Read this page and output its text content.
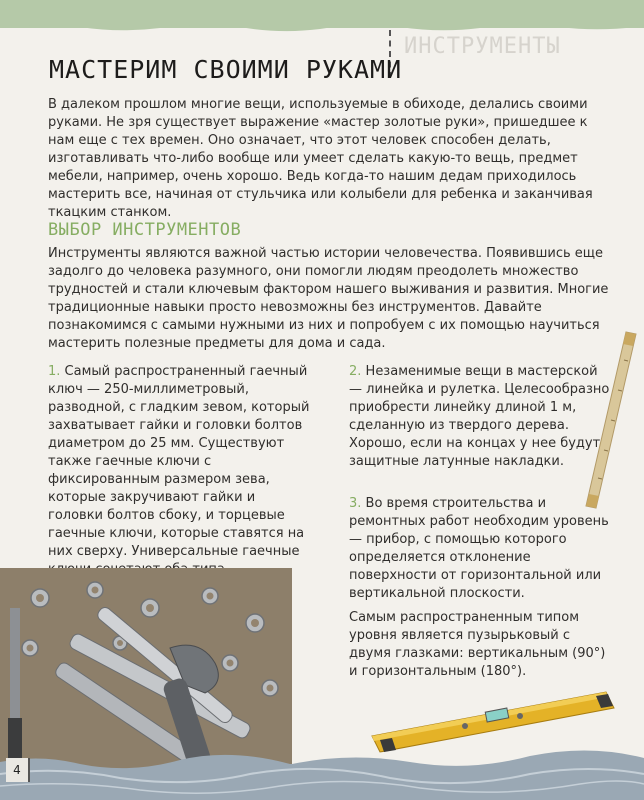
ИНСТРУМЕНТЫ
МАСТЕРИМ СВОИМИ РУКАМИ

В далеком прошлом многие вещи, используемые в обиходе, делались своими руками. Не зря существует выражение «мастер золотые руки», пришедшее к нам еще с тех времен. Оно означает, что этот человек способен делать, изготавливать что-либо вообще или умеет сделать какую-то вещь, предмет мебели, например, очень хорошо. Ведь когда-то нашим дедам приходилось мастерить все, начиная от стульчика или колыбели для ребенка и заканчивая ткацким станком.

ВЫБОР ИНСТРУМЕНТОВ

Инструменты являются важной частью истории человечества. Появившись еще задолго до человека разумного, они помогли людям преодолеть множество трудностей и стали ключевым фактором нашего выживания и развития. Многие традиционные навыки просто невозможны без инструментов. Давайте познакомимся с самыми нужными из них и попробуем с их помощью научиться мастерить полезные предметы для дома и сада.

1. Самый распространенный гаечный ключ — 250-миллиметровый, разводной, с гладким зевом, который захватывает гайки и головки болтов диаметром до 25 мм. Существуют также гаечные ключи с фиксированным размером зева, которые закручивают гайки и головки болтов сбоку, и торцевые гаечные ключи, которые ставятся на них сверху. Универсальные гаечные

2. Незаменимые вещи в мастерской — линейка и рулетка. Целесообразно приобрести линейку длиной 1 м, сделанную из твердого дерева. Хорошо, если на концах у нее будут защитные латунные накладки.

3. Во время строительства и ремонтных работ необходим уровень — прибор, с помощью которого определяется отклонение поверхности от горизонтальной или вертикальной плоскости.

Самым распространенным типом уровня является пузырьковый с двумя глазками: вертикальным (90°) и горизонтальным (180°).

4
